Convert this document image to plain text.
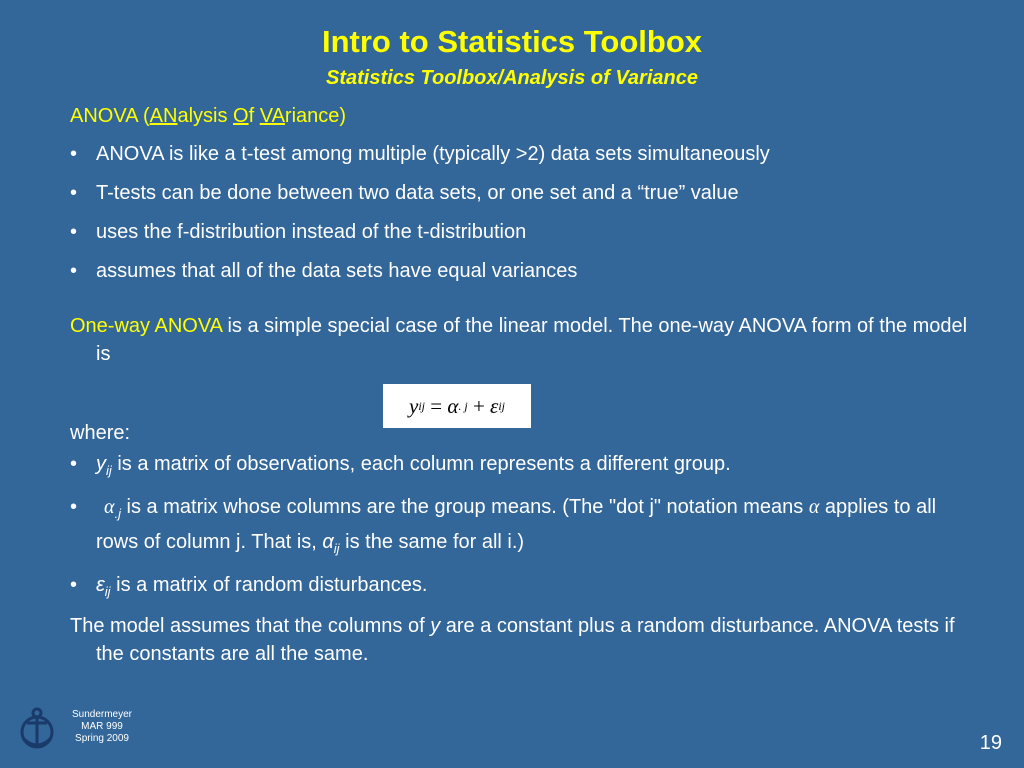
Intro to Statistics Toolbox
Statistics Toolbox/Analysis of Variance
ANOVA (ANalysis Of VAriance)
• ANOVA is like a t-test among multiple (typically >2) data sets simultaneously
• T-tests can be done between two data sets, or one set and a “true” value
• uses the f-distribution instead of the t-distribution
• assumes that all of the data sets have equal variances
One-way ANOVA is a simple special case of the linear model. The one-way ANOVA form of the model is
y ij = α . j + ε ij
where:
• $y_{ij}$ is a matrix of observations, each column represents a different group.
• $\alpha_{.j}$ is a matrix whose columns are the group means. (The "dot j" notation means α applies to all rows of column j. That is, $\alpha_{ij}$ is the same for all i.)
• $\varepsilon_{ij}$ is a matrix of random disturbances.
The model assumes that the columns of y are a constant plus a random disturbance. ANOVA tests if the constants are all the same.
Sundermeyer
MAR 999
Spring 2009	19
